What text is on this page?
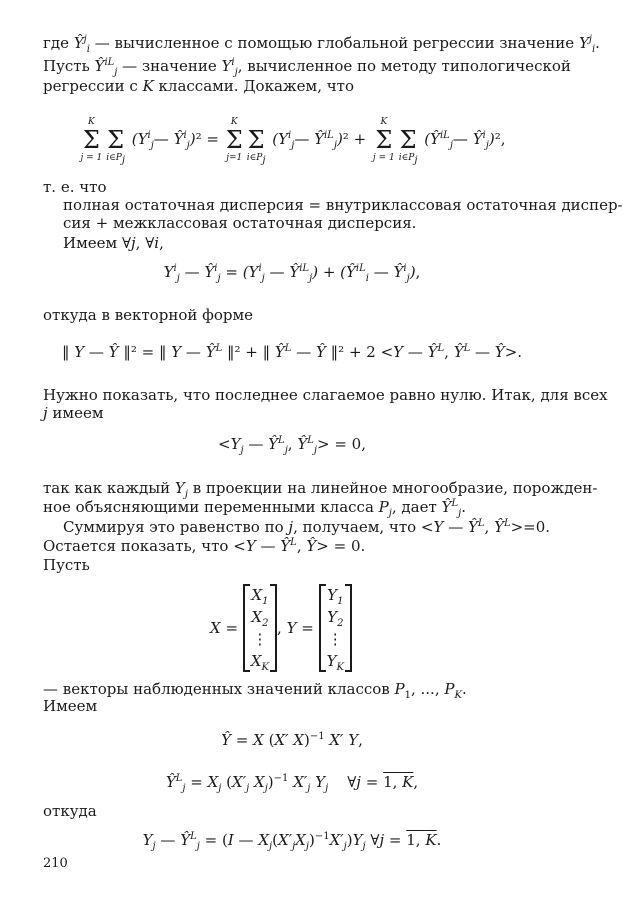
где $Ŷ^j_i$ — вычисленное с помощью глобальной регрессии значение $Y^j_i$.
Пусть $Ŷ^{iL}_j$ — значение $Y^i_j$, вычисленное по методу типологической
регрессии с K классами. Докажем, что
K
Σ
j = 1

Σ
$i\in P_j$
($Y^i_j—$ $Ŷ^i_j)^2$ =
K
Σ
j=1

Σ
$i\in P_j$
($Y^i_j—$ $Ŷ^{iL}_j)^2$ +
K
Σ
j = 1

Σ
$i\in P_j$
($Ŷ^{iL}_j—$ $Ŷ^i_j)^2$,
т. е. что
полная остаточная дисперсия = внутриклассовая остаточная диспер-
сия + межклассовая остаточная дисперсия.
Имеем ∀j, ∀i,
$Y^i_j$ — $Ŷ^i_j = (Y^i_j$ — $Ŷ^{iL}_j$) + ($Ŷ^{iL}_i$ — $Ŷ^i_j$),
откуда в векторной форме
‖ Y — Ŷ ‖² = ‖ Y — $Ŷ^L$ ‖² + ‖ $Ŷ^L$ — Ŷ ‖² + 2 <Y — $Ŷ^L$, $Ŷ^L$ — Ŷ>.
Нужно показать, что последнее слагаемое равно нулю. Итак, для всех
j имеем
$<Y_j$ — $Ŷ^L_j$, $Ŷ^L_j> = 0$,
так как каждый $Y_j$ в проекции на линейное многообразие, порожден-
ное объясняющими переменными класса $P_j$, дает $Ŷ^L_j$.
Суммируя это равенство по j, получаем, что <Y — $Ŷ^L$, $Ŷ^L>=0$.
Остается показать, что <Y — $Ŷ^L$, Ŷ> = 0.
Пусть
X =
$X_1$
$X_2$
⋮
$X_K$
, Y =
$Y_1$
$Y_2$
⋮
$Y_K$
— векторы наблюденных значений классов $P_1$, ..., $P_K$.
Имеем
Ŷ = X (X′ X)$^{-1}$ X′ Y,
$Ŷ^L_j = X_j$ ($X'_j$ $X_j)^{-1}$ $X'_j$ $Y_j$    ∀j = 1, K,
откуда
$Y_j$ — $Ŷ^L_j = (I$ — $X_j(X'_jX_j)^{-1}X'_j)Y_j$ ∀j = 1, K.
210
